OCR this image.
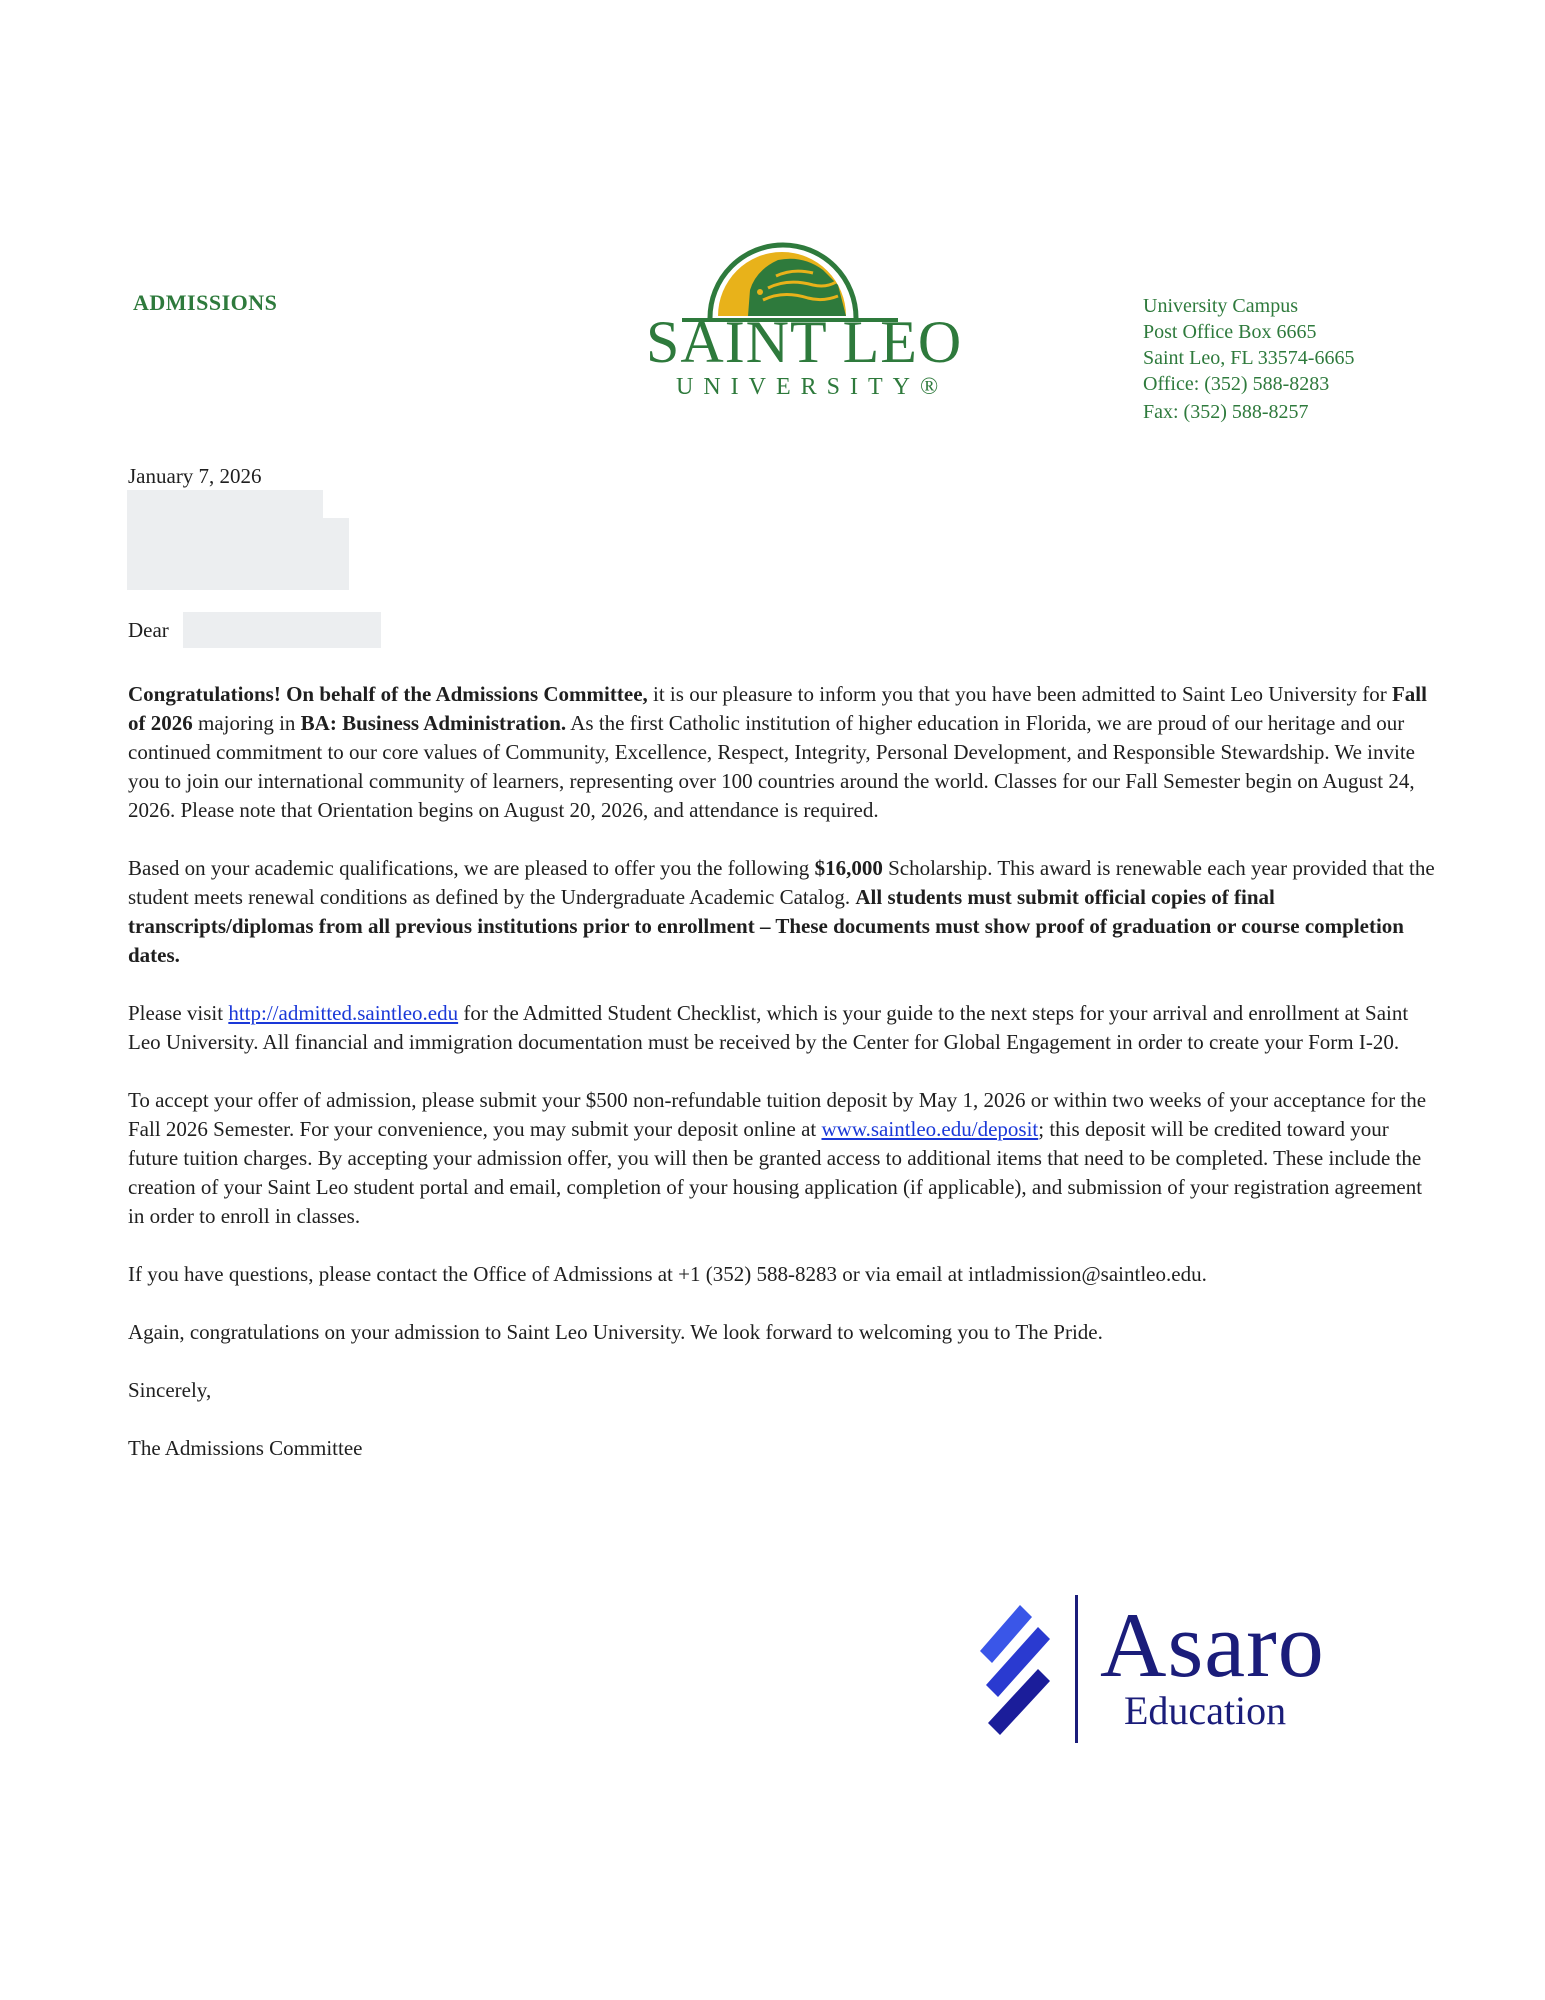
ADMISSIONS
SAINT LEO
UNIVERSITY®
University Campus
Post Office Box 6665
Saint Leo, FL 33574-6665
Office: (352) 588-8283
Fax: (352) 588-8257
January 7, 2026
Dear

Congratulations! On behalf of the Admissions Committee, it is our pleasure to inform you that you have been admitted to Saint Leo University for Fall of 2026 majoring in BA: Business Administration. As the first Catholic institution of higher education in Florida, we are proud of our heritage and our continued commitment to our core values of Community, Excellence, Respect, Integrity, Personal Development, and Responsible Stewardship. We invite you to join our international community of learners, representing over 100 countries around the world. Classes for our Fall Semester begin on August 24, 2026. Please note that Orientation begins on August 20, 2026, and attendance is required.

Based on your academic qualifications, we are pleased to offer you the following $16,000 Scholarship. This award is renewable each year provided that the student meets renewal conditions as defined by the Undergraduate Academic Catalog. All students must submit official copies of final transcripts/diplomas from all previous institutions prior to enrollment – These documents must show proof of graduation or course completion dates.

Please visit http://admitted.saintleo.edu for the Admitted Student Checklist, which is your guide to the next steps for your arrival and enrollment at Saint Leo University. All financial and immigration documentation must be received by the Center for Global Engagement in order to create your Form I-20.

To accept your offer of admission, please submit your $500 non-refundable tuition deposit by May 1, 2026 or within two weeks of your acceptance for the Fall 2026 Semester. For your convenience, you may submit your deposit online at www.saintleo.edu/deposit; this deposit will be credited toward your future tuition charges. By accepting your admission offer, you will then be granted access to additional items that need to be completed. These include the creation of your Saint Leo student portal and email, completion of your housing application (if applicable), and submission of your registration agreement in order to enroll in classes.

If you have questions, please contact the Office of Admissions at +1 (352) 588-8283 or via email at intladmission@saintleo.edu.

Again, congratulations on your admission to Saint Leo University. We look forward to welcoming you to The Pride.

Sincerely,

The Admissions Committee

Asaro
Education
